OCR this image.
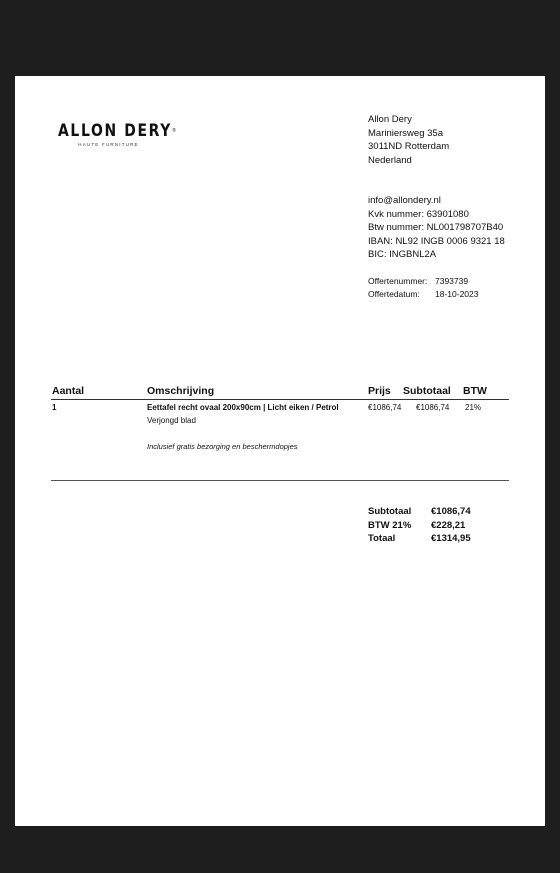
ALLON DERY®
HAUTE FURNITURE
Allon Dery
Mariniersweg 35a
3011ND Rotterdam
Nederland
info@allondery.nl
Kvk nummer: 63901080
Btw nummer: NL001798707B40
IBAN: NL92 INGB 0006 9321 18
BIC: INGBNL2A
Offertenummer: 7393739
Offertedatum: 18-10-2023
Aantal	Omschrijving	Prijs Subtotaal BTW
1	Eettafel recht ovaal 200x90cm | Licht eiken / Petrol	€1086,74 €1086,74 21%
Verjongd blad
Inclusief gratis bezorging en beschermdopjes
Subtotaal €1086,74
BTW 21% €228,21
Totaal	€1314,95
